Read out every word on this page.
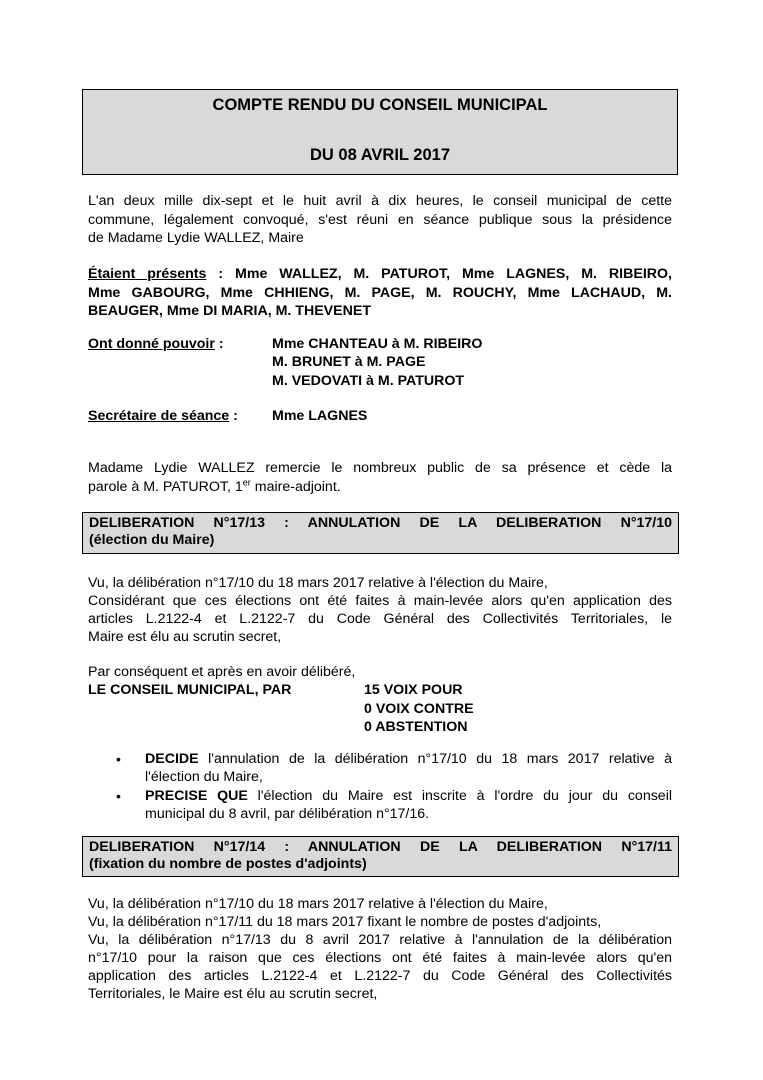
COMPTE RENDU DU CONSEIL MUNICIPAL
DU 08 AVRIL 2017
L'an deux mille dix-sept et le huit avril à dix heures, le conseil municipal de cette
commune, légalement convoqué, s'est réuni en séance publique sous la présidence
de Madame Lydie WALLEZ, Maire
Étaient présents : Mme WALLEZ, M. PATUROT, Mme LAGNES, M. RIBEIRO,
Mme GABOURG, Mme CHHIENG, M. PAGE, M. ROUCHY, Mme LACHAUD, M.
BEAUGER, Mme DI MARIA, M. THEVENET
Ont donné pouvoir :	Mme CHANTEAU à M. RIBEIRO
M. BRUNET à M. PAGE
M. VEDOVATI à M. PATUROT
Secrétaire de séance : Mme LAGNES
Madame Lydie WALLEZ remercie le nombreux public de sa présence et cède la
parole à M. PATUROT, 1er maire-adjoint.
DELIBERATION N°17/13 : ANNULATION DE LA DELIBERATION N°17/10
(élection du Maire)
Vu, la délibération n°17/10 du 18 mars 2017 relative à l'élection du Maire,
Considérant que ces élections ont été faites à main-levée alors qu'en application des
articles L.2122-4 et L.2122-7 du Code Général des Collectivités Territoriales, le
Maire est élu au scrutin secret,
Par conséquent et après en avoir délibéré,
LE CONSEIL MUNICIPAL, PAR	15 VOIX POUR
0 VOIX CONTRE
0 ABSTENTION
• DECIDE l'annulation de la délibération n°17/10 du 18 mars 2017 relative à
l'élection du Maire,
• PRECISE QUE l'élection du Maire est inscrite à l'ordre du jour du conseil
municipal du 8 avril, par délibération n°17/16.
DELIBERATION N°17/14 : ANNULATION DE LA DELIBERATION N°17/11
(fixation du nombre de postes d'adjoints)
Vu, la délibération n°17/10 du 18 mars 2017 relative à l'élection du Maire,
Vu, la délibération n°17/11 du 18 mars 2017 fixant le nombre de postes d'adjoints,
Vu, la délibération n°17/13 du 8 avril 2017 relative à l'annulation de la délibération
n°17/10 pour la raison que ces élections ont été faites à main-levée alors qu'en
application des articles L.2122-4 et L.2122-7 du Code Général des Collectivités
Territoriales, le Maire est élu au scrutin secret,
